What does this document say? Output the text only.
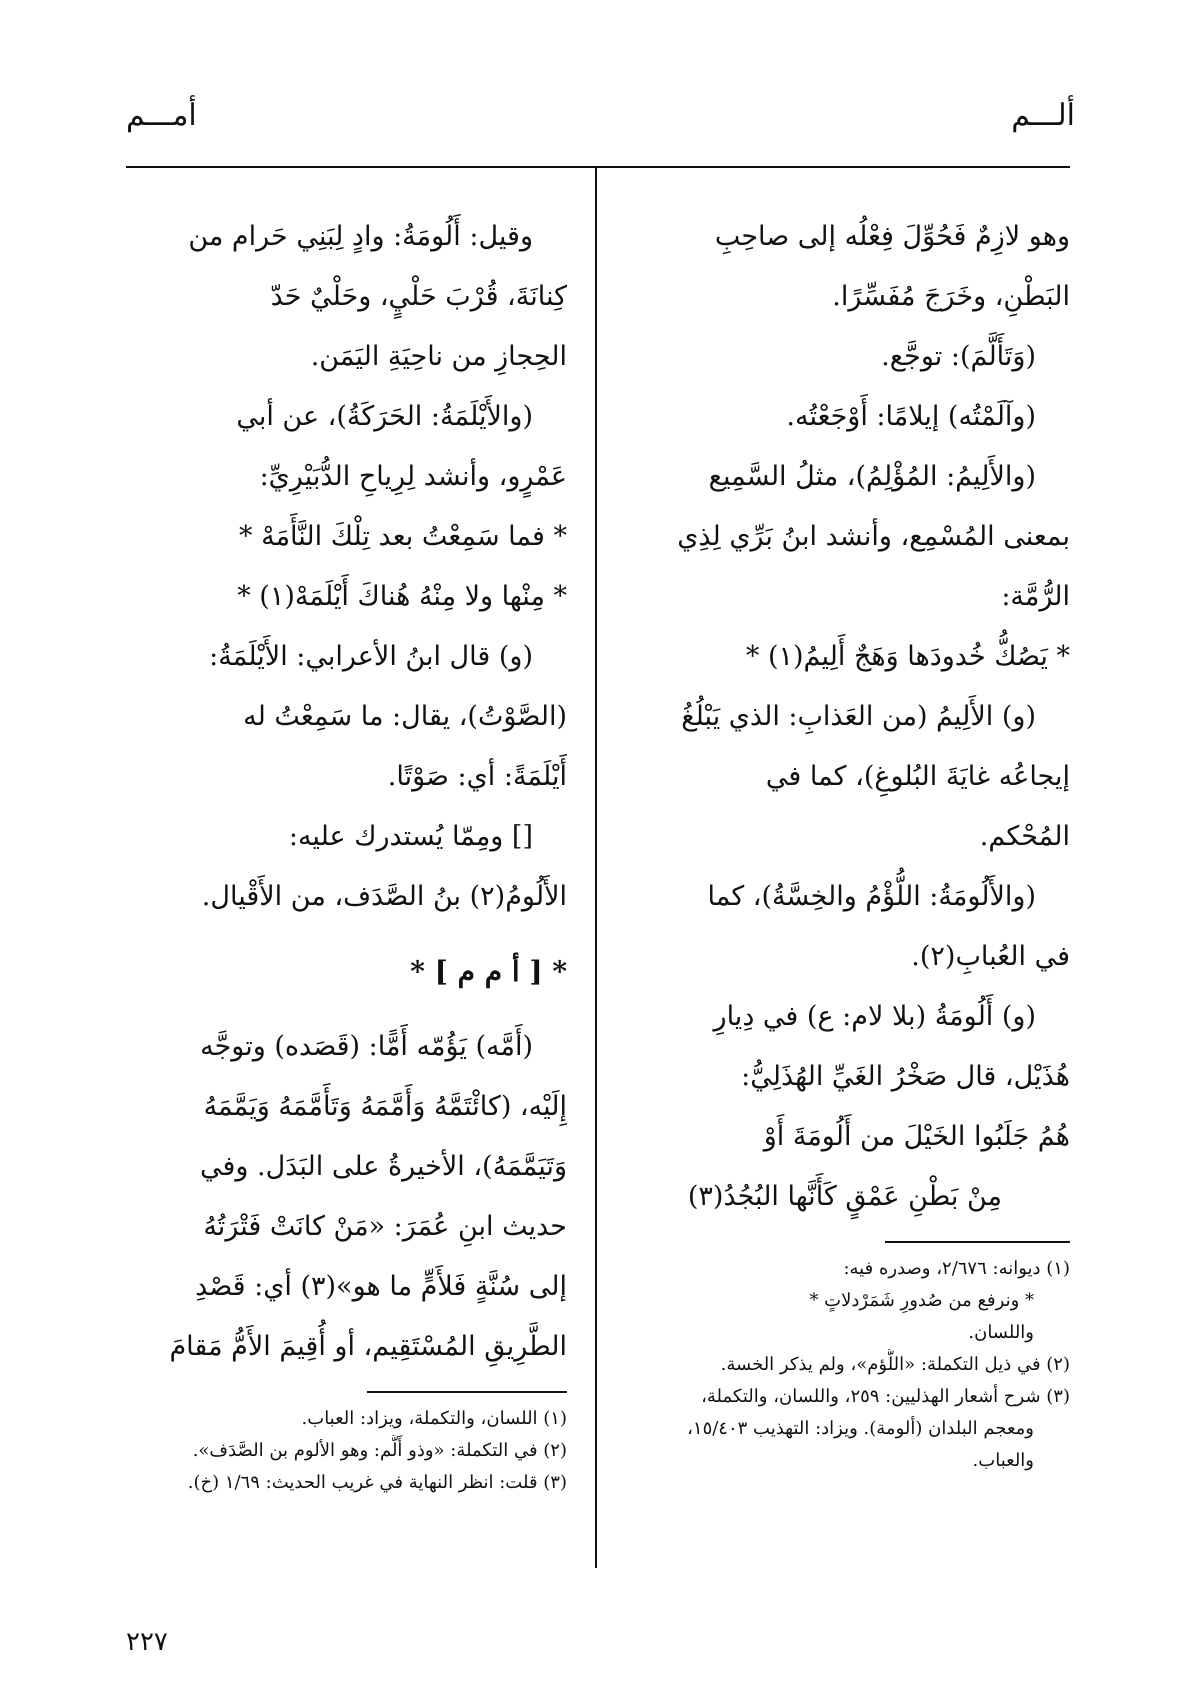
ألـــم
أمـــم
وهو لازِمٌ فَحُوِّلَ فِعْلُه إلى صاحِبِ
البَطْنِ، وخَرَجَ مُفَسِّرًا.
(وَتَأَلَّمَ): توجَّع.
(وآلَمْتُه) إيلامًا: أَوْجَعْتُه.
(والأَلِيمُ: المُؤْلِمُ)، مثلُ السَّمِيع
بمعنى المُسْمِع، وأنشد ابنُ بَرِّي لِذِي
الرُّمَّة:
* يَصُكُّ خُدودَها وَهَجٌ أَلِيمُ(١) *
(و) الأَلِيمُ (من العَذابِ: الذي يَبْلُغُ
إيجاعُه غايَةَ البُلوغِ)، كما في
المُحْكم.
(والأَلُومَةُ: اللُّؤْمُ والخِسَّةُ)، كما
في العُبابِ(٢).
(و) أَلُومَةُ (بلا لام: ع) في دِيارِ
هُذَيْل، قال صَخْرُ الغَيِّ الهُذَلِيُّ:
هُمُ جَلَبُوا الخَيْلَ من أَلُومَةَ أَوْ
مِنْ بَطْنِ عَمْقٍ كَأَنَّها البُجُدُ(٣)
(١) ديوانه: ٢/٦٧٦، وصدره فيه:
* ونرفع من صُدورِ شَمَرْدلاتٍ *
واللسان.
(٢) في ذيل التكملة: «اللُّؤم»، ولم يذكر الخسة.
(٣) شرح أشعار الهذليين: ٢٥٩، واللسان، والتكملة،
ومعجم البلدان (ألومة). ويزاد: التهذيب ١٥/٤٠٣،
والعباب.
وقيل: أَلُومَةُ: وادٍ لِبَنِي حَرام من
كِنانَةَ، قُرْبَ حَلْيٍ، وحَلْيٌ حَدّ
الحِجازِ من ناحِيَةِ اليَمَن.
(والأَيْلَمَةُ: الحَرَكَةُ)، عن أبي
عَمْرٍو، وأنشد لِرِياحِ الدُّبَيْرِيِّ:
* فما سَمِعْتُ بعد تِلْكَ النَّأَمَهْ *
* مِنْها ولا مِنْهُ هُناكَ أَيْلَمَهْ(١) *
(و) قال ابنُ الأعرابي: الأَيْلَمَةُ:
(الصَّوْتُ)، يقال: ما سَمِعْتُ له
أَيْلَمَةً: أي: صَوْتًا.
[] ومِمّا يُستدرك عليه:
الأَلُومُ(٢) بنُ الصَّدَف، من الأَقْيال.
* [ أ م م ] *
(أَمَّه) يَؤُمّه أَمًّا: (قَصَده) وتوجَّه
إِلَيْه، (كائْتَمَّهُ وَأَمَّمَهُ وَتَأَمَّمَهُ وَيَمَّمَهُ
وَتَيَمَّمَهُ)، الأخيرةُ على البَدَل. وفي
حديث ابنِ عُمَرَ: «مَنْ كانَتْ فَتْرَتُهُ
إلى سُنَّةٍ فَلأَمٍّ ما هو»(٣) أي: قَصْدِ
الطَّرِيقِ المُسْتَقِيم، أو أُقِيمَ الأَمُّ مَقامَ
(١) اللسان، والتكملة، ويزاد: العباب.
(٢) في التكملة: «وذو أَلَّم: وهو الألوم بن الصَّدَف».
(٣) قلت: انظر النهاية في غريب الحديث: ١/٦٩ (خ).
٢٢٧
